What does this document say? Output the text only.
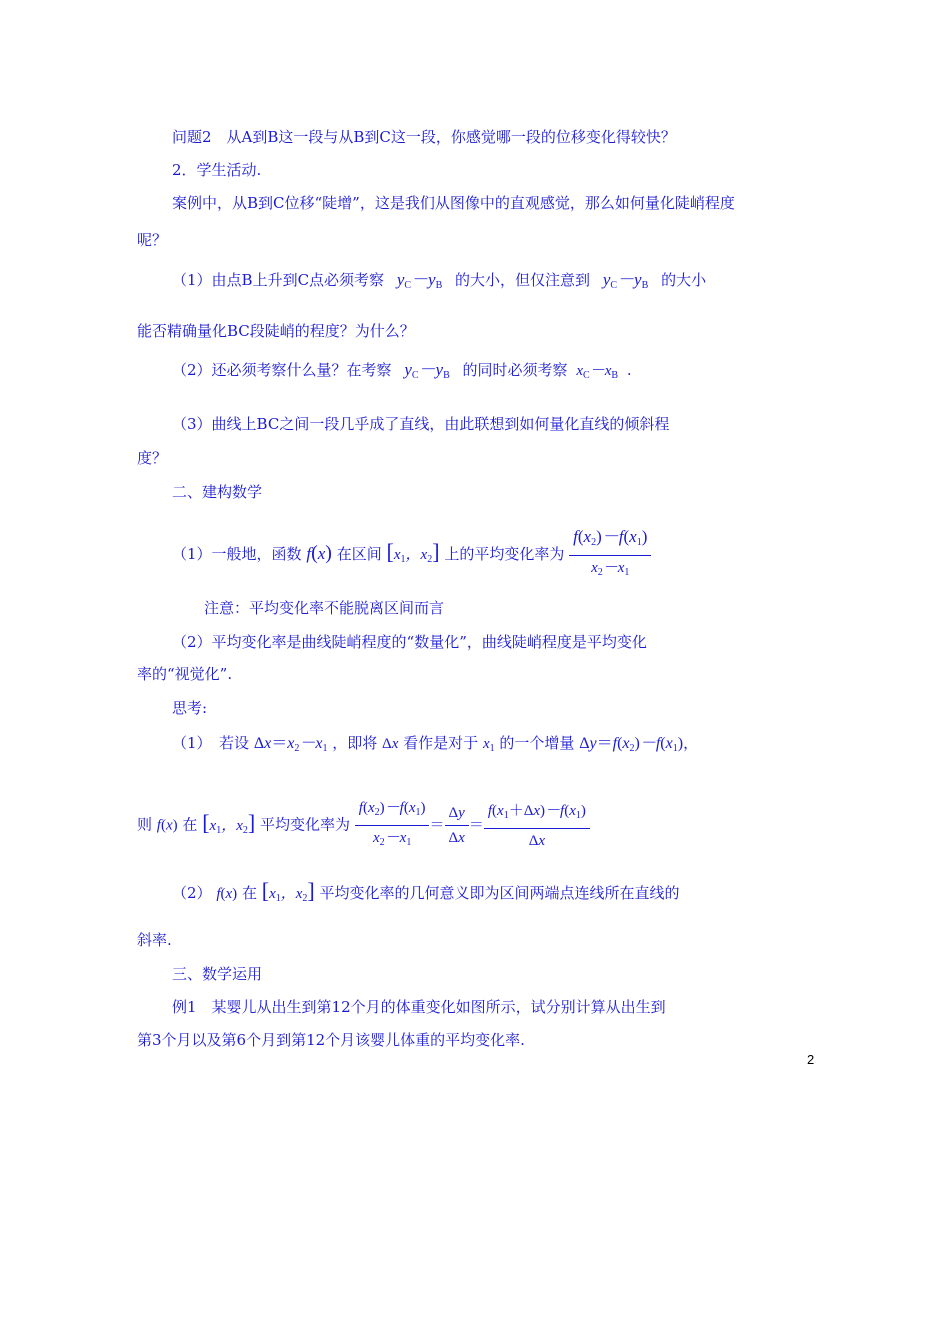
问题2　从A到B这一段与从B到C这一段，你感觉哪一段的位移变化得较快？
2．学生活动.
案例中，从B到C位移“陡增”，这是我们从图像中的直观感觉，那么如何量化陡峭程度
呢？
（1）由点B上升到C点必须考察 $y_C-y_B$ 的大小，但仅注意到 $y_C-y_B$ 的大小
能否精确量化BC段陡峭的程度？为什么？
（2）还必须考察什么量？在考察 $y_C-y_B$ 的同时必须考察 $x_C-x_B$ .
（3）曲线上BC之间一段几乎成了直线，由此联想到如何量化直线的倾斜程
度？
二、建构数学
（1）一般地，函数 f(x) 在区间 [$x_1$，$x_2$] 上的平均变化率为 $\frac{f(x_2)-f(x_1)}{x_2-x_1}$
注意：平均变化率不能脱离区间而言
（2）平均变化率是曲线陡峭程度的“数量化”，曲线陡峭程度是平均变化
率的“视觉化”.
思考:
（1）　若设 $\Delta x=x_2-x_1$ ，即将 Δx 看作是对于 $x_1$ 的一个增量 $\Delta y=f(x_2)-f(x_1)$，
则 f(x) 在 [$x_1$，$x_2$] 平均变化率为 $\frac{f(x_2)-f(x_1)}{x_2-x_1} = \frac{\Delta y}{\Delta x} = \frac{f(x_1+\Delta x)-f(x_1)}{\Delta x}$
（2） f(x) 在 [$x_1$，$x_2$] 平均变化率的几何意义即为区间两端点连线所在直线的
斜率.
三、数学运用
例1　某婴儿从出生到第12个月的体重变化如图所示，试分别计算从出生到
第3个月以及第6个月到第12个月该婴儿体重的平均变化率.
2
